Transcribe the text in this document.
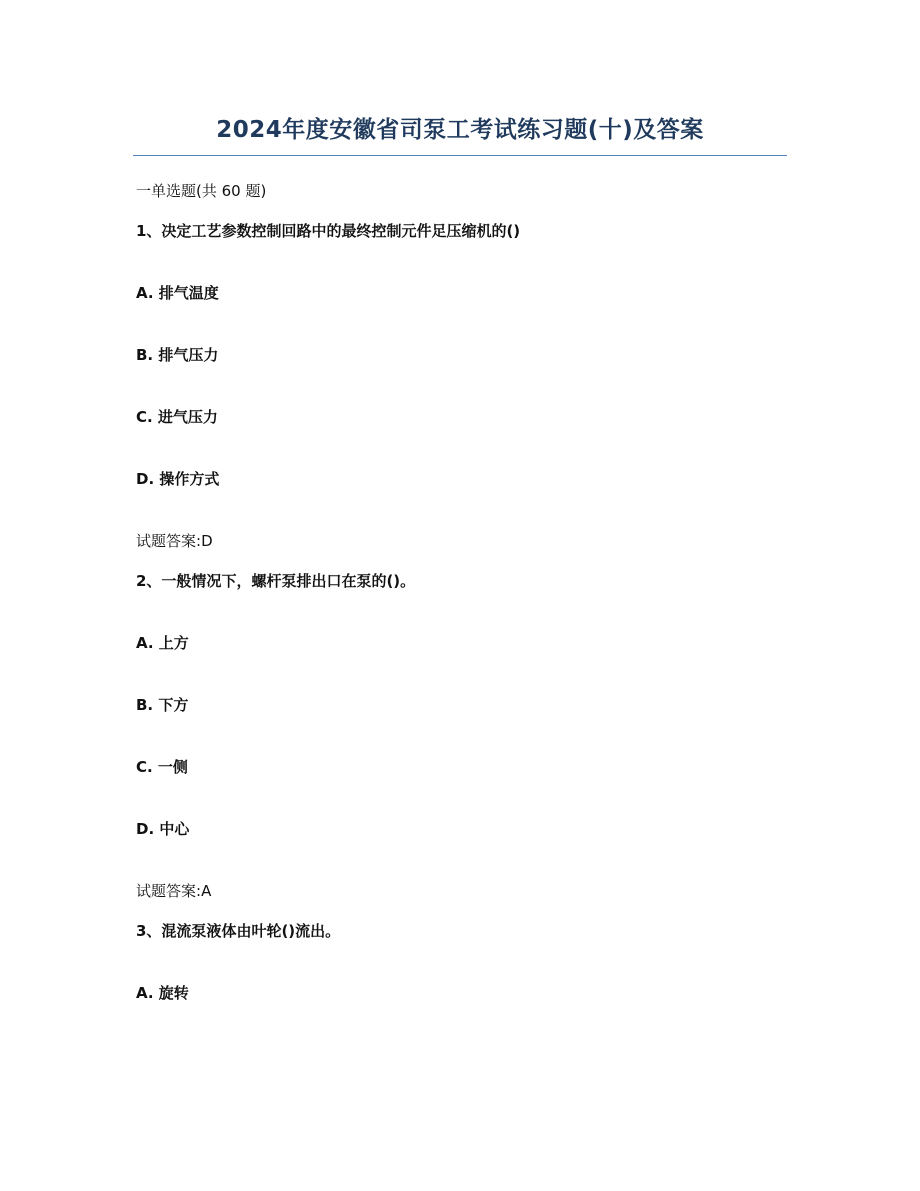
2024年度安徽省司泵工考试练习题(十)及答案
一单选题(共 60 题)
1、决定工艺参数控制回路中的最终控制元件足压缩机的()
A. 排气温度
B. 排气压力
C. 进气压力
D. 操作方式
试题答案:D
2、一般情况下，螺杆泵排出口在泵的()。
A. 上方
B. 下方
C. 一侧
D. 中心
试题答案:A
3、混流泵液体由叶轮()流出。
A. 旋转
